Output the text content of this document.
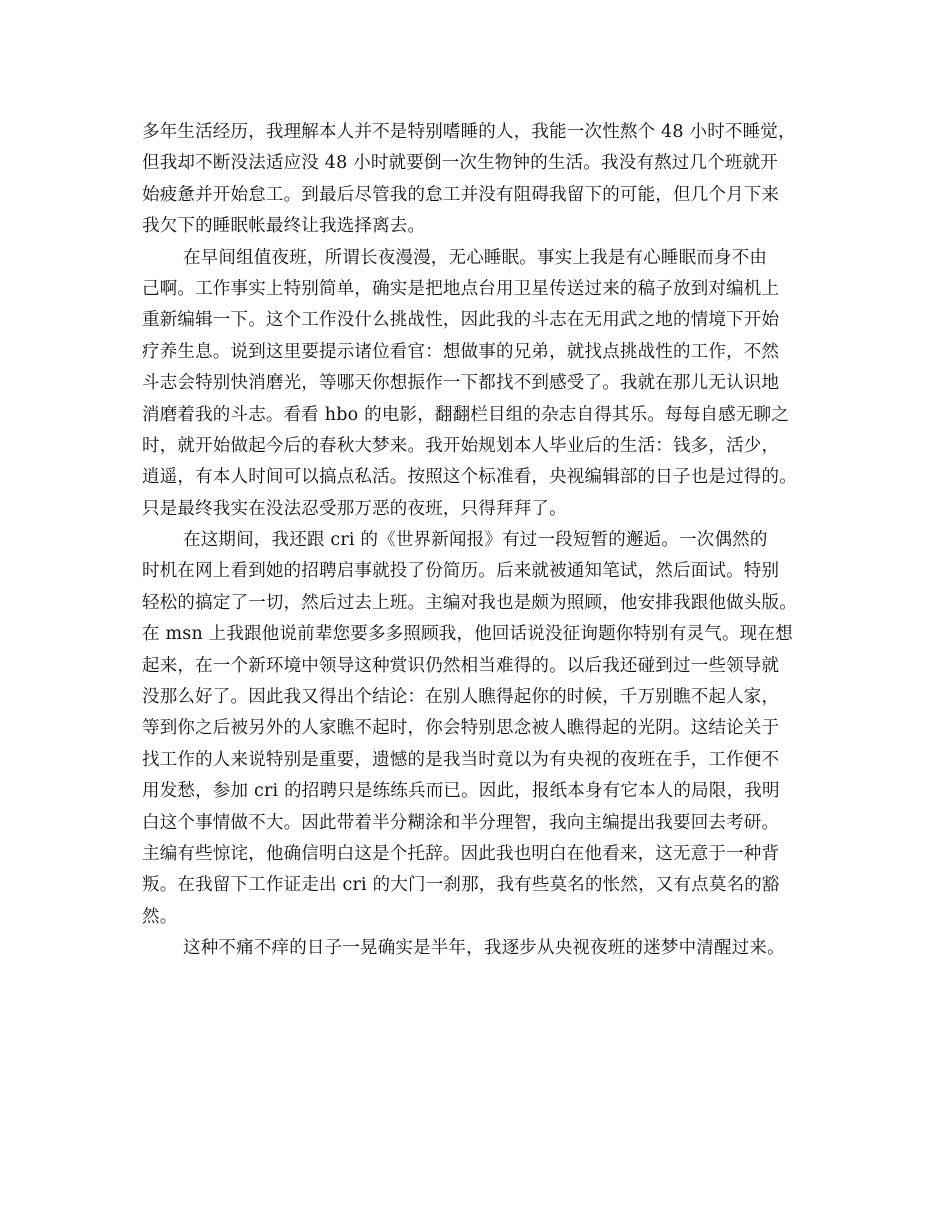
多年生活经历，我理解本人并不是特别嗜睡的人，我能一次性熬个 48 小时不睡觉，
但我却不断没法适应没 48 小时就要倒一次生物钟的生活。我没有熬过几个班就开
始疲惫并开始怠工。到最后尽管我的怠工并没有阻碍我留下的可能，但几个月下来
我欠下的睡眠帐最终让我选择离去。
在早间组值夜班，所谓长夜漫漫，无心睡眠。事实上我是有心睡眠而身不由
己啊。工作事实上特别简单，确实是把地点台用卫星传送过来的稿子放到对编机上
重新编辑一下。这个工作没什么挑战性，因此我的斗志在无用武之地的情境下开始
疗养生息。说到这里要提示诸位看官：想做事的兄弟，就找点挑战性的工作，不然
斗志会特别快消磨光，等哪天你想振作一下都找不到感受了。我就在那儿无认识地
消磨着我的斗志。看看 hbo 的电影，翻翻栏目组的杂志自得其乐。每每自感无聊之
时，就开始做起今后的春秋大梦来。我开始规划本人毕业后的生活：钱多，活少，
逍遥，有本人时间可以搞点私活。按照这个标准看，央视编辑部的日子也是过得的。
只是最终我实在没法忍受那万恶的夜班，只得拜拜了。
在这期间，我还跟 cri 的《世界新闻报》有过一段短暂的邂逅。一次偶然的
时机在网上看到她的招聘启事就投了份简历。后来就被通知笔试，然后面试。特别
轻松的搞定了一切，然后过去上班。主编对我也是颇为照顾，他安排我跟他做头版。
在 msn 上我跟他说前辈您要多多照顾我，他回话说没征询题你特别有灵气。现在想
起来，在一个新环境中领导这种赏识仍然相当难得的。以后我还碰到过一些领导就
没那么好了。因此我又得出个结论：在别人瞧得起你的时候，千万别瞧不起人家，
等到你之后被另外的人家瞧不起时，你会特别思念被人瞧得起的光阴。这结论关于
找工作的人来说特别是重要，遗憾的是我当时竟以为有央视的夜班在手，工作便不
用发愁，参加 cri 的招聘只是练练兵而已。因此，报纸本身有它本人的局限，我明
白这个事情做不大。因此带着半分糊涂和半分理智，我向主编提出我要回去考研。
主编有些惊诧，他确信明白这是个托辞。因此我也明白在他看来，这无意于一种背
叛。在我留下工作证走出 cri 的大门一刹那，我有些莫名的怅然，又有点莫名的豁
然。
这种不痛不痒的日子一晃确实是半年，我逐步从央视夜班的迷梦中清醒过来。
